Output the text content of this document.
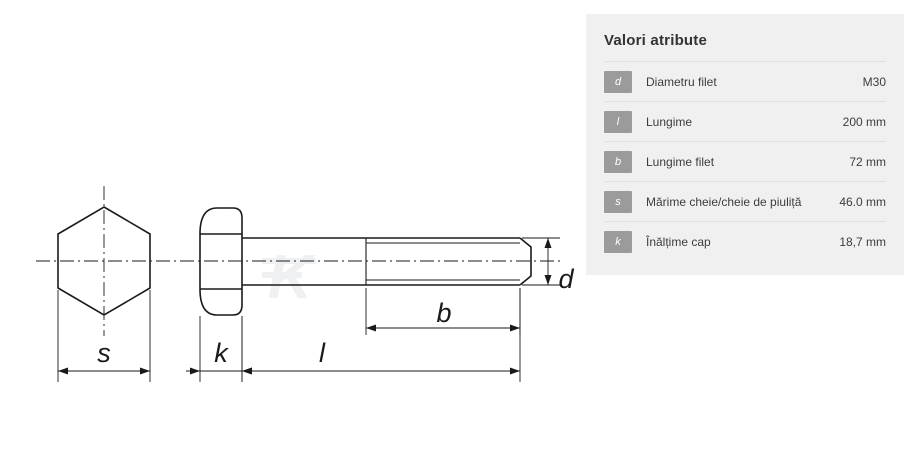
K
s	k	l
b
d
Valori atribute
d	Diametru filet	M30
l	Lungime	200 mm
b	Lungime filet	72 mm
s	Mărime cheie/cheie de piuliță	46.0 mm
k	Înălțime cap	18,7 mm
